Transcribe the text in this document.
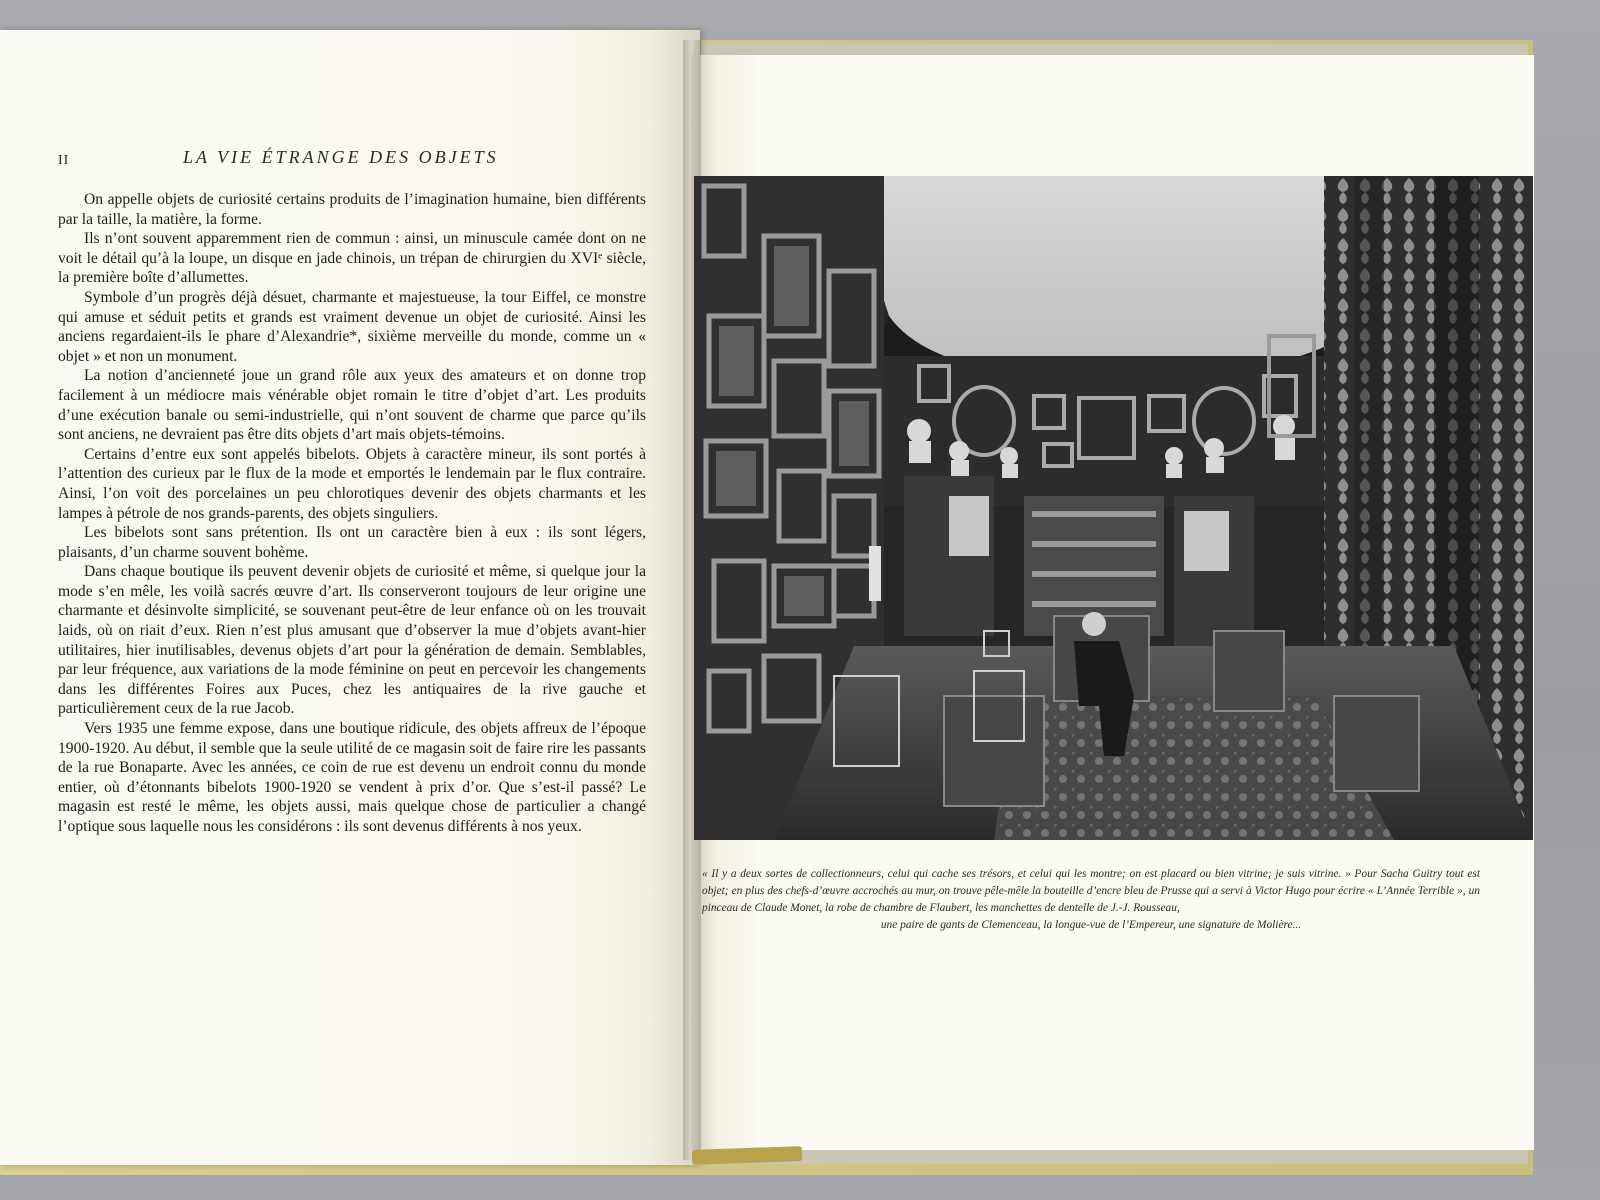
II	LA VIE ÉTRANGE DES OBJETS

On appelle objets de curiosité certains produits de l’imagination humaine, bien différents par la taille, la matière, la forme.

Ils n’ont souvent apparemment rien de commun : ainsi, un minuscule camée dont on ne voit le détail qu’à la loupe, un disque en jade chinois, un trépan de chirurgien du XVIᵉ siècle, la première boîte d’allumettes.

Symbole d’un progrès déjà désuet, charmante et majestueuse, la tour Eiffel, ce monstre qui amuse et séduit petits et grands est vraiment devenue un objet de curiosité. Ainsi les anciens regardaient-ils le phare d’Alexandrie*, sixième merveille du monde, comme un « objet » et non un monument.

La notion d’ancienneté joue un grand rôle aux yeux des amateurs et on donne trop facilement à un médiocre mais vénérable objet romain le titre d’objet d’art. Les produits d’une exécution banale ou semi-industrielle, qui n’ont souvent de charme que parce qu’ils sont anciens, ne devraient pas être dits objets d’art mais objets-témoins.

Certains d’entre eux sont appelés bibelots. Objets à caractère mineur, ils sont portés à l’attention des curieux par le flux de la mode et emportés le lendemain par le flux contraire. Ainsi, l’on voit des porcelaines un peu chlorotiques devenir des objets charmants et les lampes à pétrole de nos grands-parents, des objets singuliers.

Les bibelots sont sans prétention. Ils ont un caractère bien à eux : ils sont légers, plaisants, d’un charme souvent bohème.

Dans chaque boutique ils peuvent devenir objets de curiosité et même, si quelque jour la mode s’en mêle, les voilà sacrés œuvre d’art. Ils conserveront toujours de leur origine une charmante et désinvolte simplicité, se souvenant peut-être de leur enfance où on les trouvait laids, où on riait d’eux. Rien n’est plus amusant que d’observer la mue d’objets avant-hier utilitaires, hier inutilisables, devenus objets d’art pour la génération de demain. Semblables, par leur fréquence, aux variations de la mode féminine on peut en percevoir les changements dans les différentes Foires aux Puces, chez les antiquaires de la rive gauche et particulièrement ceux de la rue Jacob.

Vers 1935 une femme expose, dans une boutique ridicule, des objets affreux de l’époque 1900-1920. Au début, il semble que la seule utilité de ce magasin soit de faire rire les passants de la rue Bonaparte. Avec les années, ce coin de rue est devenu un endroit connu du monde entier, où d’étonnants bibelots 1900-1920 se vendent à prix d’or. Que s’est-il passé? Le magasin est resté le même, les objets aussi, mais quelque chose de particulier a changé l’optique sous laquelle nous les considérons : ils sont devenus différents à nos yeux.

« Il y a deux sortes de collectionneurs, celui qui cache ses trésors, et celui qui les montre; on est placard ou bien vitrine; je suis vitrine. » Pour Sacha Guitry tout est objet; en plus des chefs-d’œuvre accrochés au mur, on trouve pêle-mêle la bouteille d’encre bleu de Prusse qui a servi à Victor Hugo pour écrire « L’Année Terrible », un pinceau de Claude Monet, la robe de chambre de Flaubert, les manchettes de dentelle de J.-J. Rousseau,
une paire de gants de Clemenceau, la longue-vue de l’Empereur, une signature de Molière...
